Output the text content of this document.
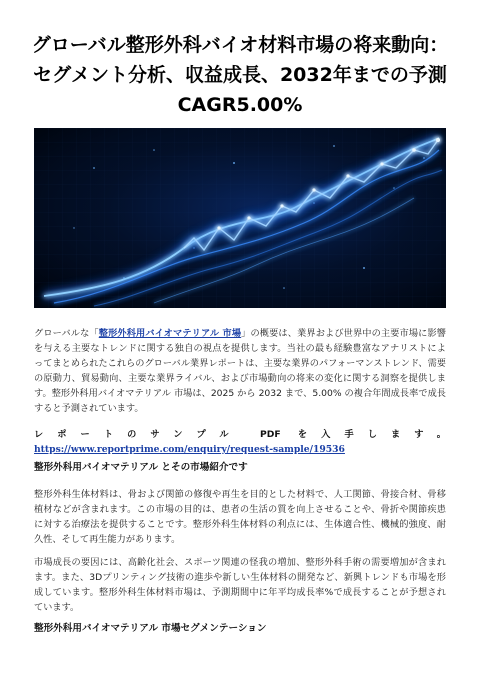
グローバル整形外科バイオ材料市場の将来動向：セグメント分析、収益成長、2032年までの予測CAGR5.00%

グローバルな「整形外科用バイオマテリアル 市場」の概要は、業界および世界中の主要市場に影響を与える主要なトレンドに関する独自の視点を提供します。当社の最も経験豊富なアナリストによってまとめられたこれらのグローバル業界レポートは、主要な業界のパフォーマンストレンド、需要の原動力、貿易動向、主要な業界ライバル、および市場動向の将来の変化に関する洞察を提供します。整形外科用バイオマテリアル 市場は、2025 から 2032 まで、5.00% の複合年間成長率で成長すると予測されています。

レポートのサンプル PDF を入手します。 https://www.reportprime.com/enquiry/request-sample/19536

整形外科用バイオマテリアル とその市場紹介です

整形外科生体材料は、骨および関節の修復や再生を目的とした材料で、人工関節、骨接合材、骨移植材などが含まれます。この市場の目的は、患者の生活の質を向上させることや、骨折や関節疾患に対する治療法を提供することです。整形外科生体材料の利点には、生体適合性、機械的強度、耐久性、そして再生能力があります。

市場成長の要因には、高齢化社会、スポーツ関連の怪我の増加、整形外科手術の需要増加が含まれます。また、3Dプリンティング技術の進歩や新しい生体材料の開発など、新興トレンドも市場を形成しています。整形外科生体材料市場は、予測期間中に年平均成長率%で成長することが予想されています。

整形外科用バイオマテリアル 市場セグメンテーション
